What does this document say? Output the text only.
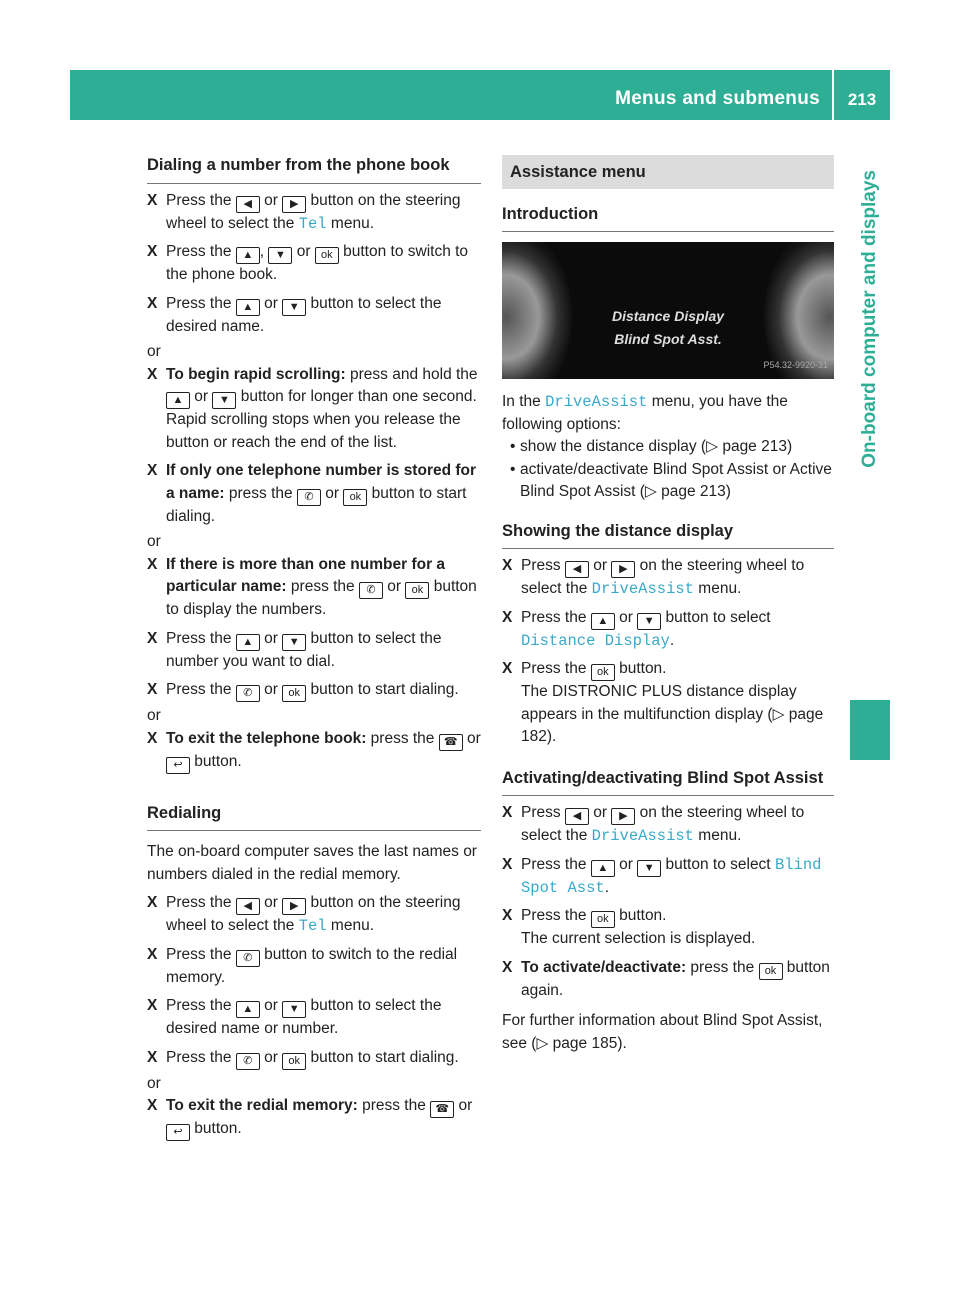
Menus and submenus	213
On-board computer and displays
Dialing a number from the phone book
X Press the ◀ or ▶ button on the steering wheel to select the Tel menu.
X Press the ▲ , ▼ or ok button to switch to the phone book.
X Press the ▲ or ▼ button to select the desired name.
or
X To begin rapid scrolling: press and hold the ▲ or ▼ button for longer than one second.
Rapid scrolling stops when you release the button or reach the end of the list.
X If only one telephone number is stored for a name: press the ✆ or ok button to start dialing.
or
X If there is more than one number for a particular name: press the ✆ or ok button to display the numbers.
X Press the ▲ or ▼ button to select the number you want to dial.
X Press the ✆ or ok button to start dialing.
or
X To exit the telephone book: press the ☎ or ↩ button.
Redialing
The on-board computer saves the last names or numbers dialed in the redial memory.
X Press the ◀ or ▶ button on the steering wheel to select the Tel menu.
X Press the ✆ button to switch to the redial memory.
X Press the ▲ or ▼ button to select the desired name or number.
X Press the ✆ or ok button to start dialing.
or
X To exit the redial memory: press the ☎ or ↩ button.
Assistance menu
Introduction
Distance Display
Blind Spot Asst.
P54.32-9920-31
In the DriveAssist menu, you have the following options:
• show the distance display (▷ page 213)
• activate/deactivate Blind Spot Assist or Active Blind Spot Assist (▷ page 213)
Showing the distance display
X Press ◀ or ▶ on the steering wheel to select the DriveAssist menu.
X Press the ▲ or ▼ button to select Distance Display.
X Press the ok button.
The DISTRONIC PLUS distance display appears in the multifunction display (▷ page 182).
Activating/deactivating Blind Spot Assist
X Press ◀ or ▶ on the steering wheel to select the DriveAssist menu.
X Press the ▲ or ▼ button to select Blind Spot Asst.
X Press the ok button.
The current selection is displayed.
X To activate/deactivate: press the ok button again.
For further information about Blind Spot Assist, see (▷ page 185).
